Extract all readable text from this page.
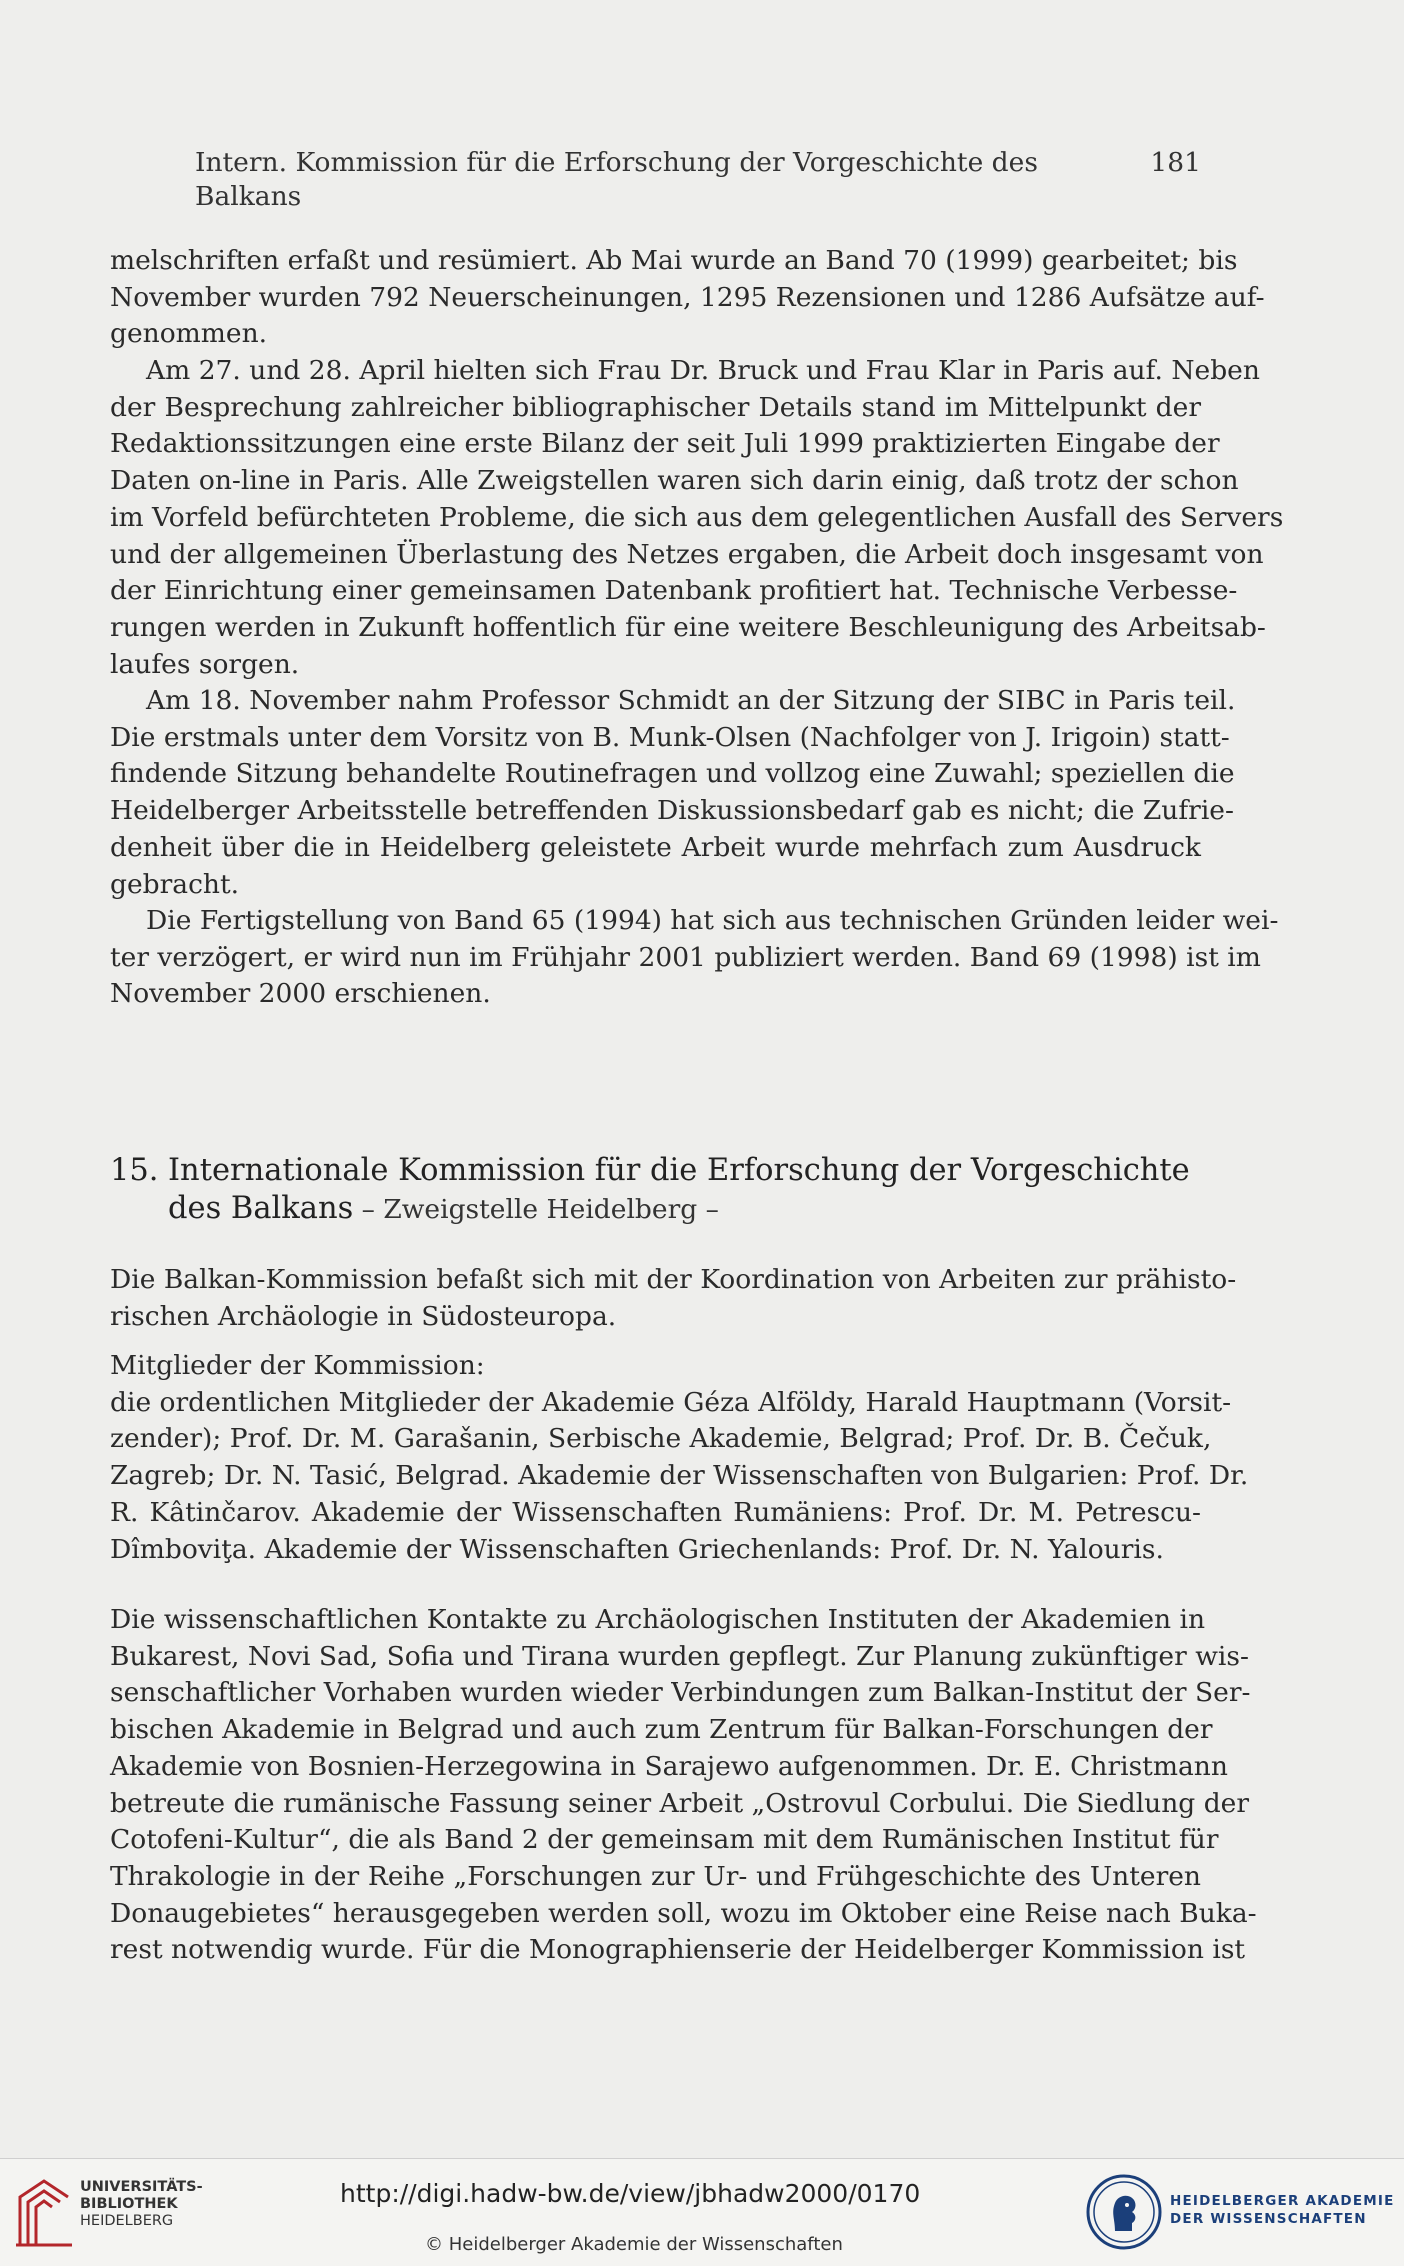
Intern. Kommission für die Erforschung der Vorgeschichte des Balkans
181

melschriften erfaßt und resümiert. Ab Mai wurde an Band 70 (1999) gearbeitet; bis
November wurden 792 Neuerscheinungen, 1295 Rezensionen und 1286 Aufsätze auf-
genommen.

Am 27. und 28. April hielten sich Frau Dr. Bruck und Frau Klar in Paris auf. Neben
der Besprechung zahlreicher bibliographischer Details stand im Mittelpunkt der
Redaktionssitzungen eine erste Bilanz der seit Juli 1999 praktizierten Eingabe der
Daten on-line in Paris. Alle Zweigstellen waren sich darin einig, daß trotz der schon
im Vorfeld befürchteten Probleme, die sich aus dem gelegentlichen Ausfall des Servers
und der allgemeinen Überlastung des Netzes ergaben, die Arbeit doch insgesamt von
der Einrichtung einer gemeinsamen Datenbank profitiert hat. Technische Verbesse-
rungen werden in Zukunft hoffentlich für eine weitere Beschleunigung des Arbeitsab-
laufes sorgen.

Am 18. November nahm Professor Schmidt an der Sitzung der SIBC in Paris teil.
Die erstmals unter dem Vorsitz von B. Munk-Olsen (Nachfolger von J. Irigoin) statt-
findende Sitzung behandelte Routinefragen und vollzog eine Zuwahl; speziellen die
Heidelberger Arbeitsstelle betreffenden Diskussionsbedarf gab es nicht; die Zufrie-
denheit über die in Heidelberg geleistete Arbeit wurde mehrfach zum Ausdruck
gebracht.

Die Fertigstellung von Band 65 (1994) hat sich aus technischen Gründen leider wei-
ter verzögert, er wird nun im Frühjahr 2001 publiziert werden. Band 69 (1998) ist im
November 2000 erschienen.

15. Internationale Kommission für die Erforschung der Vorgeschichte
des Balkans – Zweigstelle Heidelberg –

Die Balkan-Kommission befaßt sich mit der Koordination von Arbeiten zur prähisto-
rischen Archäologie in Südosteuropa.

Mitglieder der Kommission:
die ordentlichen Mitglieder der Akademie Géza Alföldy, Harald Hauptmann (Vorsit-
zender); Prof. Dr. M. Garašanin, Serbische Akademie, Belgrad; Prof. Dr. B. Čečuk,
Zagreb; Dr. N. Tasić, Belgrad. Akademie der Wissenschaften von Bulgarien: Prof. Dr.
R. Kâtinčarov. Akademie der Wissenschaften Rumäniens: Prof. Dr. M. Petrescu-
Dîmboviţa. Akademie der Wissenschaften Griechenlands: Prof. Dr. N. Yalouris.

Die wissenschaftlichen Kontakte zu Archäologischen Instituten der Akademien in
Bukarest, Novi Sad, Sofia und Tirana wurden gepflegt. Zur Planung zukünftiger wis-
senschaftlicher Vorhaben wurden wieder Verbindungen zum Balkan-Institut der Ser-
bischen Akademie in Belgrad und auch zum Zentrum für Balkan-Forschungen der
Akademie von Bosnien-Herzegowina in Sarajewo aufgenommen. Dr. E. Christmann
betreute die rumänische Fassung seiner Arbeit „Ostrovul Corbului. Die Siedlung der
Cotofeni-Kultur“, die als Band 2 der gemeinsam mit dem Rumänischen Institut für
Thrakologie in der Reihe „Forschungen zur Ur- und Frühgeschichte des Unteren
Donaugebietes“ herausgegeben werden soll, wozu im Oktober eine Reise nach Buka-
rest notwendig wurde. Für die Monographienserie der Heidelberger Kommission ist

UNIVERSITÄTS-
BIBLIOTHEK
HEIDELBERG
http://digi.hadw-bw.de/view/jbhadw2000/0170
© Heidelberger Akademie der Wissenschaften
HEIDELBERGER AKADEMIE
DER WISSENSCHAFTEN
